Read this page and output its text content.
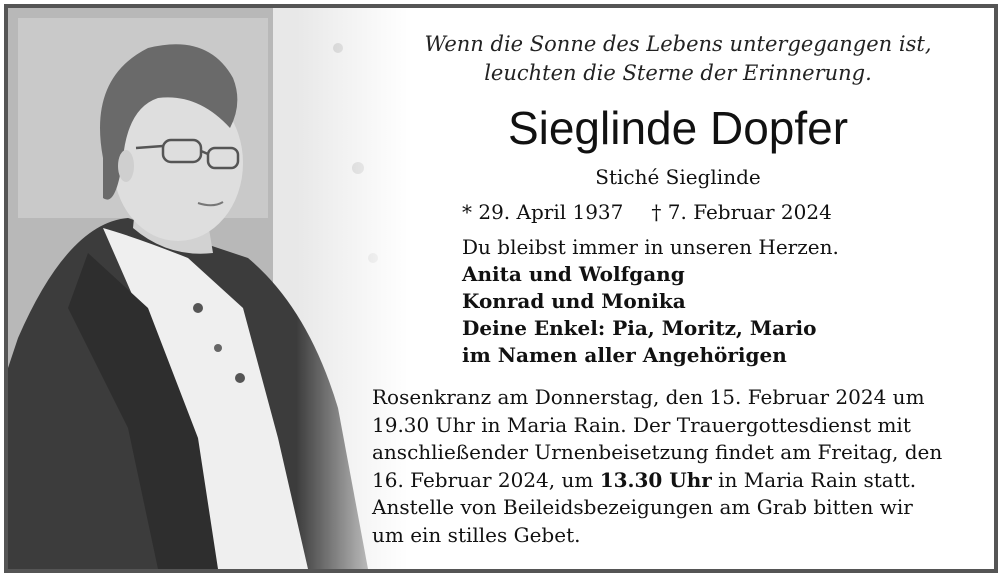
Wenn die Sonne des Lebens untergegangen ist,
leuchten die Sterne der Erinnerung.
Sieglinde Dopfer
Stiché Sieglinde
* 29. April 1937 † 7. Februar 2024
Du bleibst immer in unseren Herzen.
Anita und Wolfgang
Konrad und Monika
Deine Enkel: Pia, Moritz, Mario
im Namen aller Angehörigen
Rosenkranz am Donnerstag, den 15. Februar 2024 um
19.30 Uhr in Maria Rain. Der Trauergottesdienst mit
anschließender Urnenbeisetzung findet am Freitag, den
16. Februar 2024, um 13.30 Uhr in Maria Rain statt.
Anstelle von Beileidsbezeigungen am Grab bitten wir
um ein stilles Gebet.
